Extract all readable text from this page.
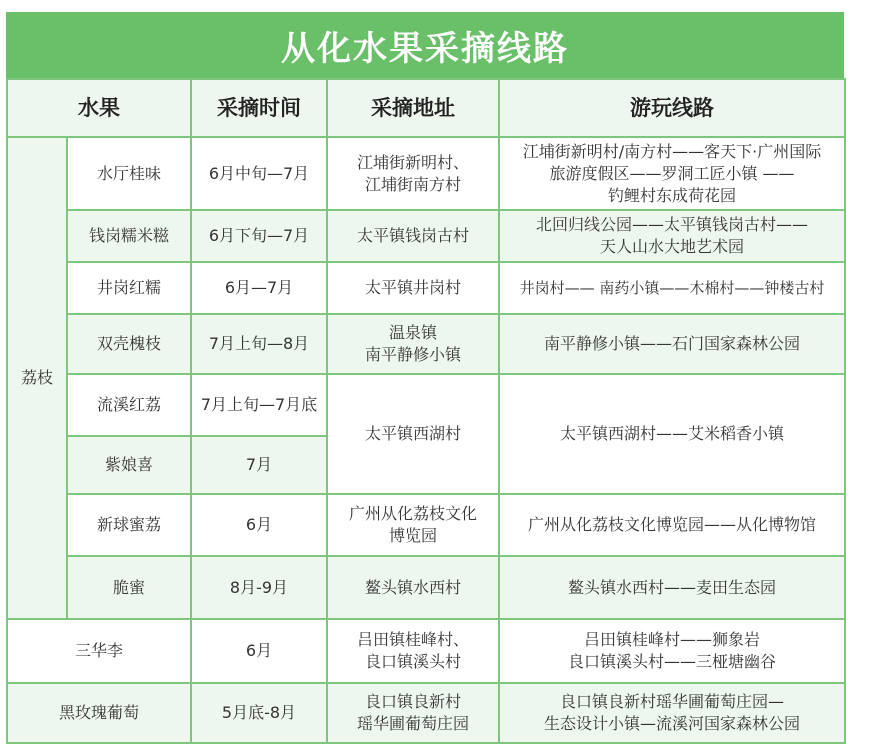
从化水果采摘线路
水果		采摘时间	采摘地址	游玩线路
荔枝	水厅桂味	6月中旬—7月	江埔街新明村、
江埔街南方村	江埔街新明村/南方村——客天下·广州国际
旅游度假区——罗洞工匠小镇 ——
钓鲤村东成荷花园
	钱岗糯米糍	6月下旬—7月	太平镇钱岗古村	北回归线公园——太平镇钱岗古村——
天人山水大地艺术园
	井岗红糯	6月—7月	太平镇井岗村	井岗村—— 南药小镇——木棉村——钟楼古村
	双壳槐枝	7月上旬—8月	温泉镇
南平静修小镇	南平静修小镇——石门国家森林公园
	流溪红荔	7月上旬—7月底	太平镇西湖村	太平镇西湖村——艾米稻香小镇
	紫娘喜	7月		
	新球蜜荔	6月	广州从化荔枝文化
博览园	广州从化荔枝文化博览园——从化博物馆
	脆蜜	8月-9月	鳌头镇水西村	鳌头镇水西村——麦田生态园
三华李		6月	吕田镇桂峰村、
良口镇溪头村	吕田镇桂峰村——狮象岩
良口镇溪头村——三桠塘幽谷
黑玫瑰葡萄		5月底-8月	良口镇良新村
瑶华圃葡萄庄园	良口镇良新村瑶华圃葡萄庄园—
生态设计小镇—流溪河国家森林公园
